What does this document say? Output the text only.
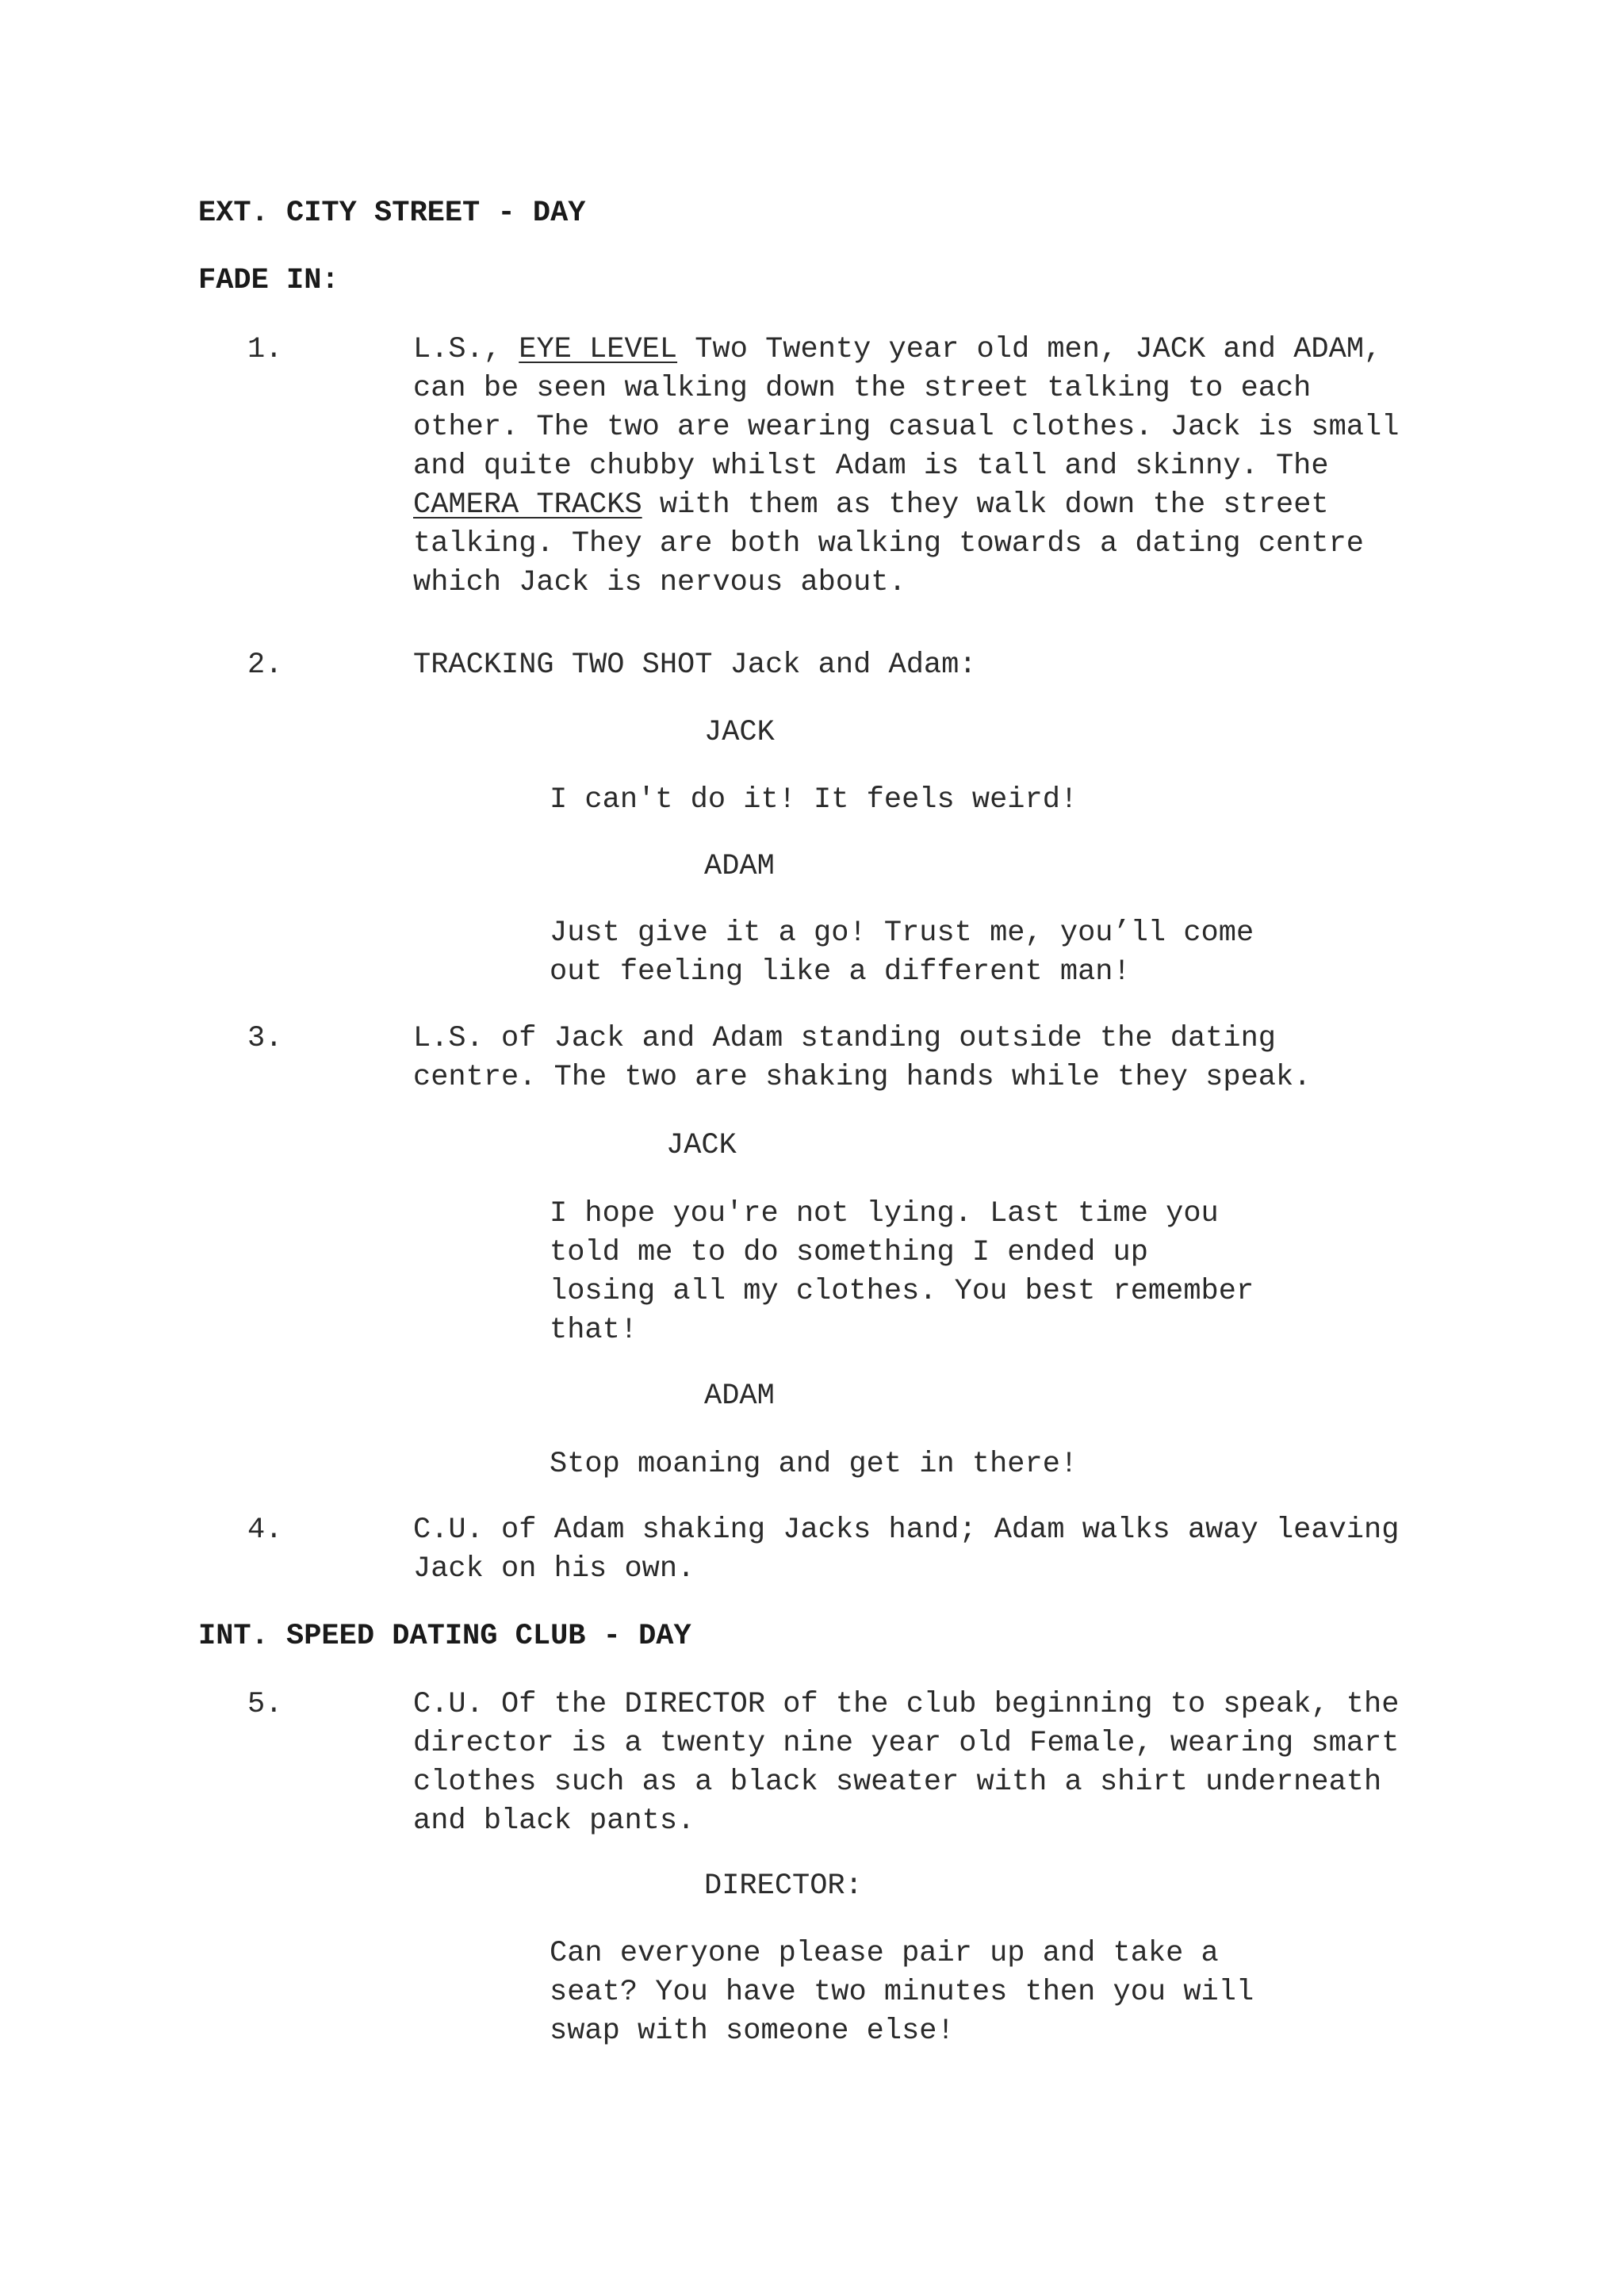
EXT. CITY STREET - DAY
FADE IN:
1.	L.S., EYE LEVEL Two Twenty year old men, JACK and ADAM,
can be seen walking down the street talking to each
other. The two are wearing casual clothes. Jack is small
and quite chubby whilst Adam is tall and skinny. The
CAMERA TRACKS with them as they walk down the street
talking. They are both walking towards a dating centre
which Jack is nervous about.
2.	TRACKING TWO SHOT Jack and Adam:
JACK
I can't do it! It feels weird!
ADAM
Just give it a go! Trust me, you’ll come
out feeling like a different man!
3.	L.S. of Jack and Adam standing outside the dating
centre. The two are shaking hands while they speak.
JACK
I hope you're not lying. Last time you
told me to do something I ended up
losing all my clothes. You best remember
that!
ADAM
Stop moaning and get in there!
4.	C.U. of Adam shaking Jacks hand; Adam walks away leaving
Jack on his own.
INT. SPEED DATING CLUB - DAY
5.	C.U. Of the DIRECTOR of the club beginning to speak, the
director is a twenty nine year old Female, wearing smart
clothes such as a black sweater with a shirt underneath
and black pants.
DIRECTOR:
Can everyone please pair up and take a
seat? You have two minutes then you will
swap with someone else!
